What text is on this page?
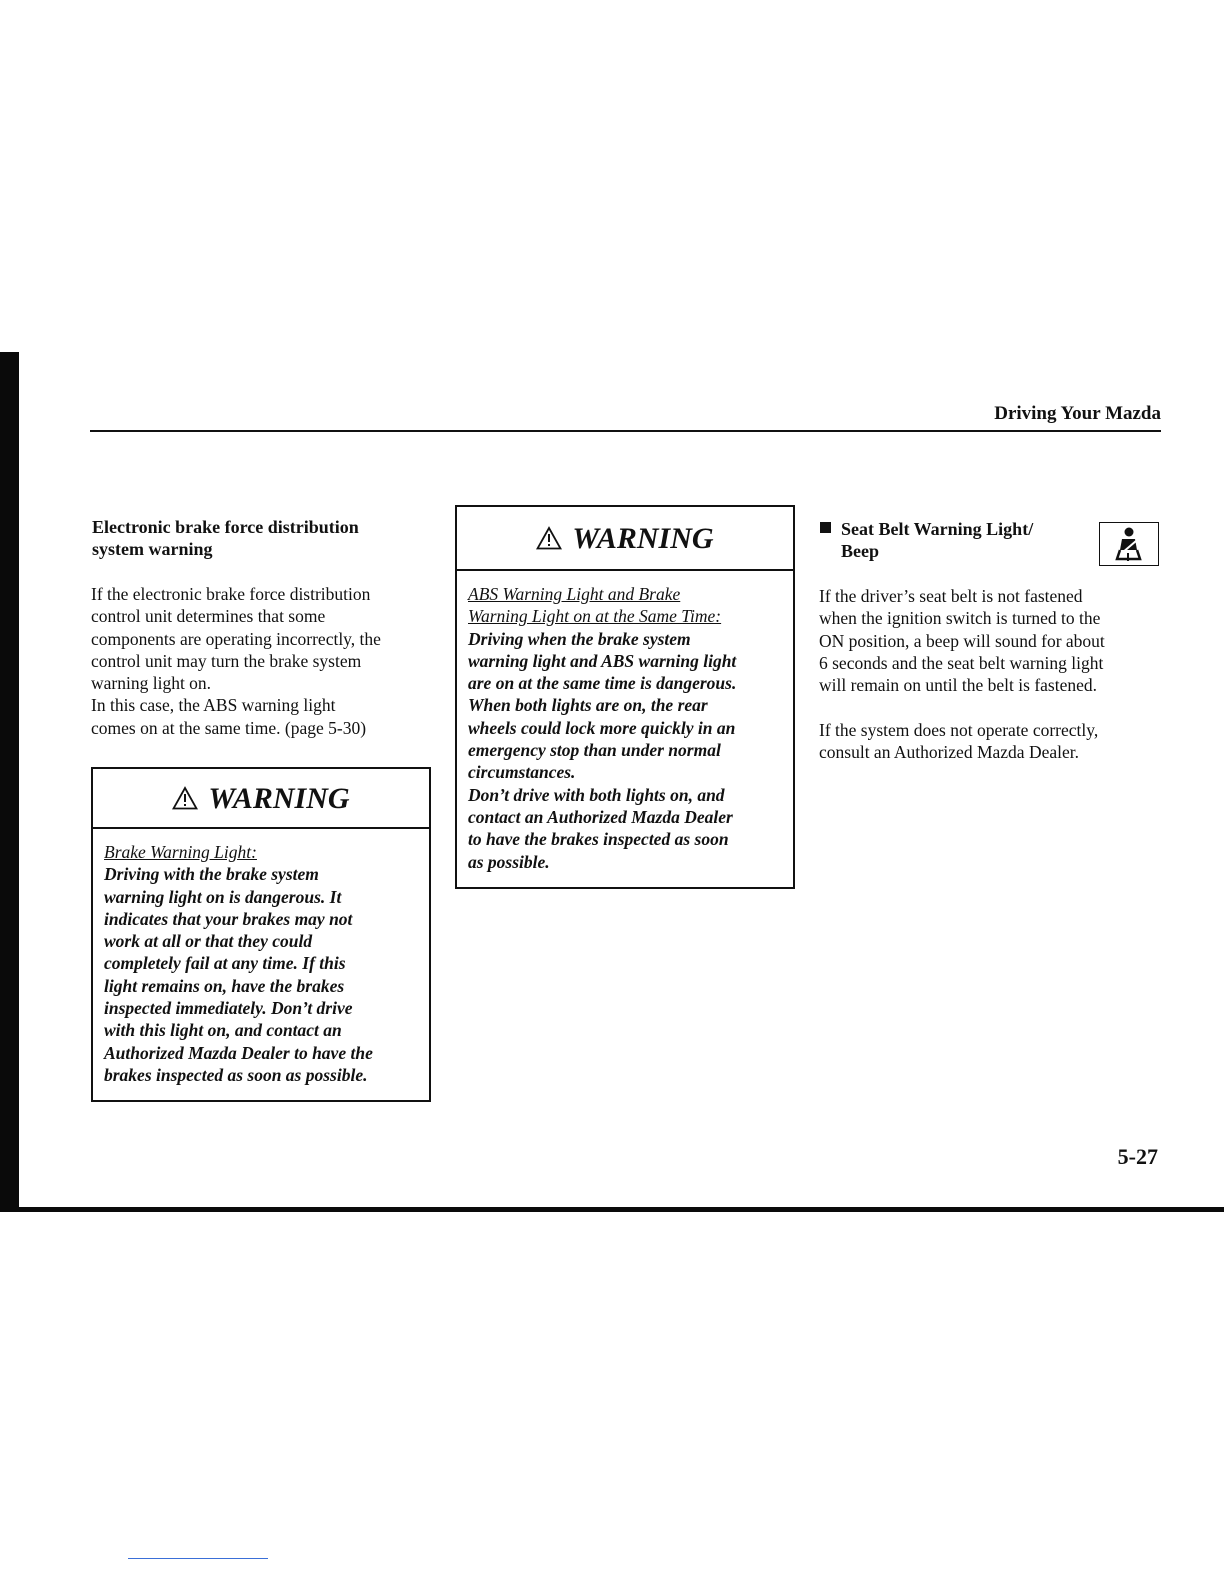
Driving Your Mazda
5-27
Electronic brake force distribution
system warning

If the electronic brake force distribution

control unit determines that some

components are operating incorrectly, the

control unit may turn the brake system

warning light on.

In this case, the ABS warning light

comes on at the same time. (page 5-30)

WARNING
Brake Warning Light:
Driving with the brake system
warning light on is dangerous. It
indicates that your brakes may not
work at all or that they could
completely fail at any time. If this
light remains on, have the brakes
inspected immediately. Don’t drive
with this light on, and contact an
Authorized Mazda Dealer to have the
brakes inspected as soon as possible.
WARNING
ABS Warning Light and Brake
Warning Light on at the Same Time:
Driving when the brake system
warning light and ABS warning light
are on at the same time is dangerous.
When both lights are on, the rear
wheels could lock more quickly in an
emergency stop than under normal
circumstances.
Don’t drive with both lights on, and
contact an Authorized Mazda Dealer
to have the brakes inspected as soon
as possible.
Seat Belt Warning Light/
Beep

If the driver’s seat belt is not fastened

when the ignition switch is turned to the

ON position, a beep will sound for about

6 seconds and the seat belt warning light

will remain on until the belt is fastened.

If the system does not operate correctly,

consult an Authorized Mazda Dealer.
